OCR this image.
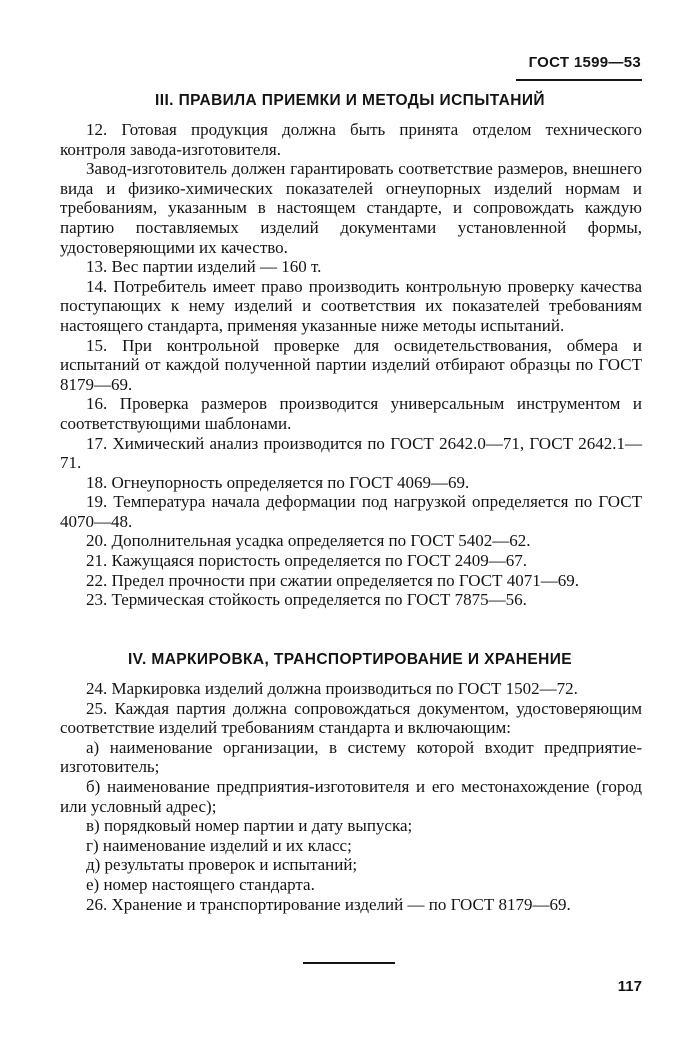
ГОСТ 1599—53
III. ПРАВИЛА ПРИЕМКИ И МЕТОДЫ ИСПЫТАНИЙ

12. Готовая продукция должна быть принята отделом технического контроля завода-изготовителя.

Завод-изготовитель должен гарантировать соответствие размеров, внешнего вида и физико-химических показателей огнеупорных изделий нормам и требованиям, указанным в настоящем стандарте, и сопровождать каждую партию поставляемых изделий документами установленной формы, удостоверяющими их качество.

13. Вес партии изделий — 160 т.

14. Потребитель имеет право производить контрольную проверку качества поступающих к нему изделий и соответствия их показателей требованиям настоящего стандарта, применяя указанные ниже методы испытаний.

15. При контрольной проверке для освидетельствования, обмера и испытаний от каждой полученной партии изделий отбирают образцы по ГОСТ 8179—69.

16. Проверка размеров производится универсальным инструментом и соответствующими шаблонами.

17. Химический анализ производится по ГОСТ 2642.0—71, ГОСТ 2642.1—71.

18. Огнеупорность определяется по ГОСТ 4069—69.

19. Температура начала деформации под нагрузкой определяется по ГОСТ 4070—48.

20. Дополнительная усадка определяется по ГОСТ 5402—62.

21. Кажущаяся пористость определяется по ГОСТ 2409—67.

22. Предел прочности при сжатии определяется по ГОСТ 4071—69.

23. Термическая стойкость определяется по ГОСТ 7875—56.

IV. МАРКИРОВКА, ТРАНСПОРТИРОВАНИЕ И ХРАНЕНИЕ

24. Маркировка изделий должна производиться по ГОСТ 1502—72.

25. Каждая партия должна сопровождаться документом, удостоверяющим соответствие изделий требованиям стандарта и включающим:

а) наименование организации, в систему которой входит предприятие-изготовитель;

б) наименование предприятия-изготовителя и его местонахождение (город или условный адрес);

в) порядковый номер партии и дату выпуска;

г) наименование изделий и их класс;

д) результаты проверок и испытаний;

е) номер настоящего стандарта.

26. Хранение и транспортирование изделий — по ГОСТ 8179—69.

117
